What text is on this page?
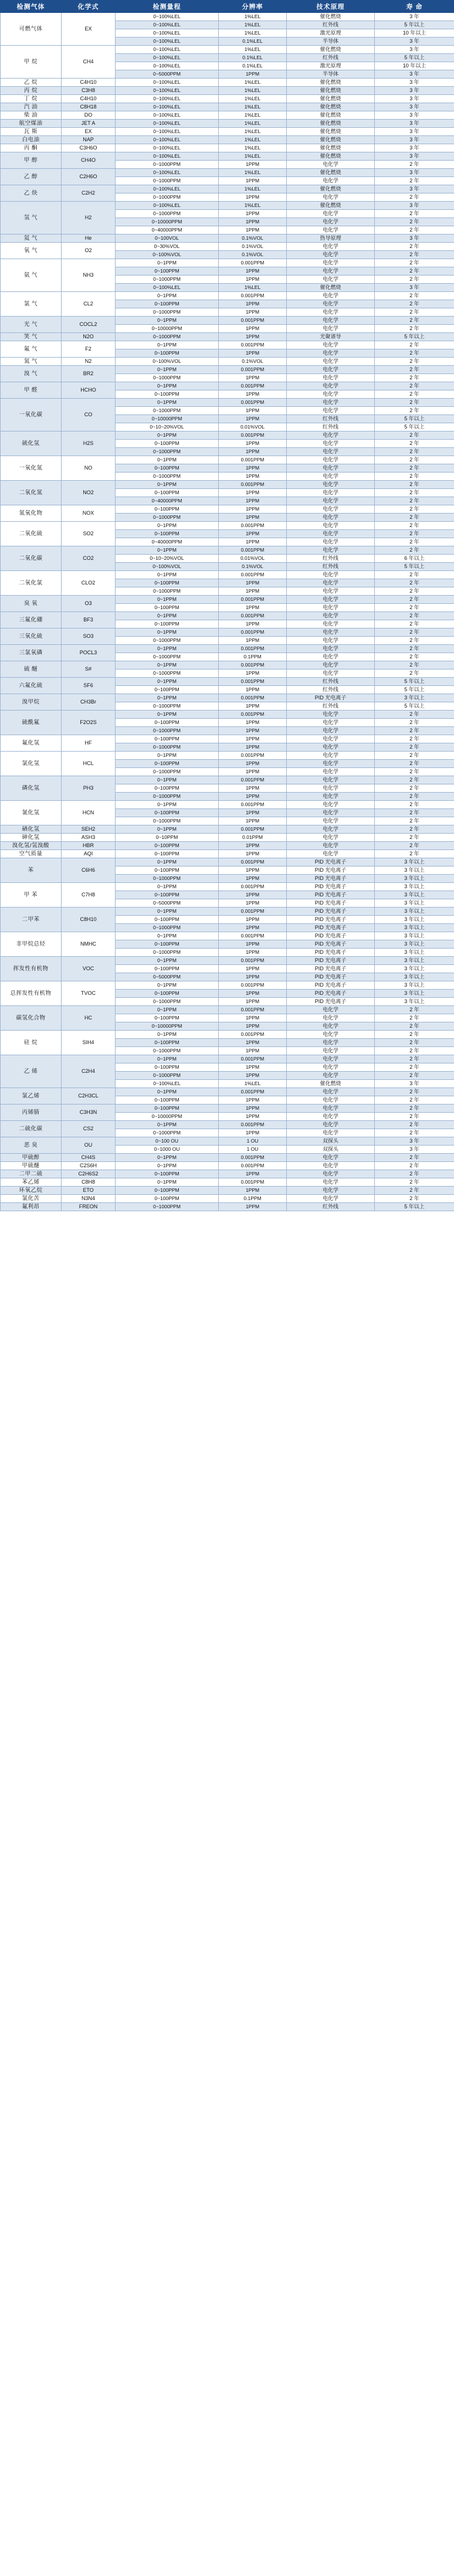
检测气体	化学式	检测量程	分辨率	技术原理	寿 命
可燃气体	EX	0~100%LEL	1%LEL	催化燃烧	3 年
		0~100%LEL	1%LEL	红外线	5 年以上
		0~100%LEL	1%LEL	激光原理	10 年以上
		0~100%LEL	0.1%LEL	半导体	3 年
甲 烷	CH4	0~100%LEL	1%LEL	催化燃烧	3 年
		0~100%LEL	0.1%LEL	红外线	5 年以上
		0~100%LEL	0.1%LEL	激光原理	10 年以上
		0~5000PPM	1PPM	半导体	3 年
乙 烷	C4H10	0~100%LEL	1%LEL	催化燃烧	3 年
丙 烷	C3H8	0~100%LEL	1%LEL	催化燃烧	3 年
丁 烷	C4H10	0~100%LEL	1%LEL	催化燃烧	3 年
汽 油	C8H18	0~100%LEL	1%LEL	催化燃烧	3 年
柴 油	DO	0~100%LEL	1%LEL	催化燃烧	3 年
航空煤油	JET A	0~100%LEL	1%LEL	催化燃烧	3 年
瓦 斯	EX	0~100%LEL	1%LEL	催化燃烧	3 年
白电油	NAP	0~100%LEL	1%LEL	催化燃烧	3 年
丙 酮	C3H6O	0~100%LEL	1%LEL	催化燃烧	3 年
甲 醇	CH4O	0~100%LEL	1%LEL	催化燃烧	3 年
		0~1000PPM	1PPM	电化学	2 年
乙 醇	C2H6O	0~100%LEL	1%LEL	催化燃烧	3 年
		0~1000PPM	1PPM	电化学	2 年
乙 炔	C2H2	0~100%LEL	1%LEL	催化燃烧	3 年
		0~1000PPM	1PPM	电化学	2 年
氢 气	H2	0~100%LEL	1%LEL	催化燃烧	3 年
		0~1000PPM	1PPM	电化学	2 年
		0~10000PPM	1PPM	电化学	2 年
		0~40000PPM	1PPM	电化学	2 年
氦 气	He	0~100VOL	0.1%VOL	热导原理	3 年
氧 气	O2	0~30%VOL	0.1%VOL	电化学	2 年
		0~100%VOL	0.1%VOL	电化学	2 年
氨 气	NH3	0~1PPM	0.001PPM	电化学	2 年
		0~100PPM	1PPM	电化学	2 年
		0~1000PPM	1PPM	电化学	2 年
		0~100%LEL	1%LEL	催化燃烧	3 年
氯 气	CL2	0~1PPM	0.001PPM	电化学	2 年
		0~100PPM	1PPM	电化学	2 年
		0~1000PPM	1PPM	电化学	2 年
光 气	COCL2	0~1PPM	0.001PPM	电化学	2 年
		0~10000PPM	1PPM	电化学	2 年
笑 气	N2O	0~1000PPM	1PPM	光聚谱导	5 年以上
氟 气	F2	0~1PPM	0.001PPM	电化学	2 年
		0~100PPM	1PPM	电化学	2 年
氮 气	N2	0~100%VOL	0.1%VOL	电化学	2 年
溴 气	BR2	0~1PPM	0.001PPM	电化学	2 年
		0~1000PPM	1PPM	电化学	2 年
甲 醛	HCHO	0~1PPM	0.001PPM	电化学	2 年
		0~100PPM	1PPM	电化学	2 年
一氧化碳	CO	0~1PPM	0.001PPM	电化学	2 年
		0~1000PPM	1PPM	电化学	2 年
		0~10000PPM	1PPM	红外线	5 年以上
		0~10~20%VOL	0.01%VOL	红外线	5 年以上
硫化氢	H2S	0~1PPM	0.001PPM	电化学	2 年
		0~100PPM	1PPM	电化学	2 年
		0~1000PPM	1PPM	电化学	2 年
一氧化氮	NO	0~1PPM	0.001PPM	电化学	2 年
		0~100PPM	1PPM	电化学	2 年
		0~1000PPM	1PPM	电化学	2 年
二氧化氮	NO2	0~1PPM	0.001PPM	电化学	2 年
		0~100PPM	1PPM	电化学	2 年
		0~40000PPM	1PPM	电化学	2 年
氮氧化物	NOX	0~100PPM	1PPM	电化学	2 年
		0~1000PPM	1PPM	电化学	2 年
二氧化硫	SO2	0~1PPM	0.001PPM	电化学	2 年
		0~100PPM	1PPM	电化学	2 年
		0~40000PPM	1PPM	电化学	2 年
二氧化碳	CO2	0~1PPM	0.001PPM	电化学	2 年
		0~10~20%VOL	0.01%VOL	红外线	6 年以上
		0~100%VOL	0.1%VOL	红外线	5 年以上
二氧化氯	CLO2	0~1PPM	0.001PPM	电化学	2 年
		0~100PPM	1PPM	电化学	2 年
		0~1000PPM	1PPM	电化学	2 年
臭 氧	O3	0~1PPM	0.001PPM	电化学	2 年
		0~100PPM	1PPM	电化学	2 年
三氟化硼	BF3	0~1PPM	0.001PPM	电化学	2 年
		0~100PPM	1PPM	电化学	2 年
三氧化硫	SO3	0~1PPM	0.001PPM	电化学	2 年
		0~1000PPM	1PPM	电化学	2 年
三氯氧磷	POCL3	0~1PPM	0.001PPM	电化学	2 年
		0~1000PPM	0.1PPM	电化学	2 年
硫 醚	S#	0~1PPM	0.001PPM	电化学	2 年
		0~1000PPM	1PPM	电化学	2 年
六氟化硫	SF6	0~1PPM	0.001PPM	红外线	5 年以上
		0~100PPM	1PPM	红外线	5 年以上
溴甲烷	CH3Br	0~1PPM	0.001PPM	PID 光电离子	3 年以上
		0~1000PPM	1PPM	红外线	5 年以上
硫酰氟	F2O2S	0~1PPM	0.001PPM	电化学	2 年
		0~100PPM	1PPM	电化学	2 年
		0~1000PPM	1PPM	电化学	2 年
氟化氢	HF	0~100PPM	1PPM	电化学	2 年
		0~1000PPM	1PPM	电化学	2 年
氯化氢	HCL	0~1PPM	0.001PPM	电化学	2 年
		0~100PPM	1PPM	电化学	2 年
		0~1000PPM	1PPM	电化学	2 年
磷化氢	PH3	0~1PPM	0.001PPM	电化学	2 年
		0~100PPM	1PPM	电化学	2 年
		0~1000PPM	1PPM	电化学	2 年
氰化氢	HCN	0~1PPM	0.001PPM	电化学	2 年
		0~100PPM	1PPM	电化学	2 年
		0~1000PPM	1PPM	电化学	2 年
硒化氢	SEH2	0~1PPM	0.001PPM	电化学	2 年
砷化氢	ASH3	0~10PPM	0.01PPM	电化学	2 年
溴化氢/氢溴酸	HBR	0~100PPM	1PPM	电化学	2 年
空气质量	AQI	0~100PPM	1PPM	电化学	2 年
苯	C6H6	0~1PPM	0.001PPM	PID 光电离子	3 年以上
		0~100PPM	1PPM	PID 光电离子	3 年以上
		0~1000PPM	1PPM	PID 光电离子	3 年以上
甲 苯	C7H8	0~1PPM	0.001PPM	PID 光电离子	3 年以上
		0~100PPM	1PPM	PID 光电离子	3 年以上
		0~5000PPM	1PPM	PID 光电离子	3 年以上
二甲苯	C8H10	0~1PPM	0.001PPM	PID 光电离子	3 年以上
		0~100PPM	1PPM	PID 光电离子	3 年以上
		0~1000PPM	1PPM	PID 光电离子	3 年以上
非甲烷总烃	NMHC	0~1PPM	0.001PPM	PID 光电离子	3 年以上
		0~100PPM	1PPM	PID 光电离子	3 年以上
		0~1000PPM	1PPM	PID 光电离子	3 年以上
挥发性有机物	VOC	0~1PPM	0.001PPM	PID 光电离子	3 年以上
		0~100PPM	1PPM	PID 光电离子	3 年以上
		0~5000PPM	1PPM	PID 光电离子	3 年以上
总挥发性有机物	TVOC	0~1PPM	0.001PPM	PID 光电离子	3 年以上
		0~100PPM	1PPM	PID 光电离子	3 年以上
		0~1000PPM	1PPM	PID 光电离子	3 年以上
碳氢化合物	HC	0~1PPM	0.001PPM	电化学	2 年
		0~100PPM	1PPM	电化学	2 年
		0~10000PPM	1PPM	电化学	2 年
硅 烷	SIH4	0~1PPM	0.001PPM	电化学	2 年
		0~100PPM	1PPM	电化学	2 年
		0~1000PPM	1PPM	电化学	2 年
乙 烯	C2H4	0~1PPM	0.001PPM	电化学	2 年
		0~100PPM	1PPM	电化学	2 年
		0~1000PPM	1PPM	电化学	2 年
		0~100%LEL	1%LEL	催化燃烧	3 年
氯乙烯	C2H3CL	0~1PPM	0.001PPM	电化学	2 年
		0~100PPM	1PPM	电化学	2 年
丙烯腈	C3H3N	0~100PPM	1PPM	电化学	2 年
		0~10000PPM	1PPM	电化学	2 年
二硫化碳	CS2	0~1PPM	0.001PPM	电化学	2 年
		0~1000PPM	1PPM	电化学	2 年
恶 臭	OU	0~100 OU	1 OU	双探头	3 年
		0~1000 OU	1 OU	双探头	3 年
甲硫醇	CH4S	0~1PPM	0.001PPM	电化学	2 年
甲硫醚	C2S6H	0~1PPM	0.001PPM	电化学	2 年
二甲二硫	C2H6S2	0~100PPM	1PPM	电化学	2 年
苯乙烯	C8H8	0~1PPM	0.001PPM	电化学	2 年
环氧乙烷	ETO	0~100PPM	1PPM	电化学	2 年
氯化苦	N3N4	0~100PPM	0.1PPM	电化学	2 年
氟利昂	FREON	0~1000PPM	1PPM	红外线	5 年以上
